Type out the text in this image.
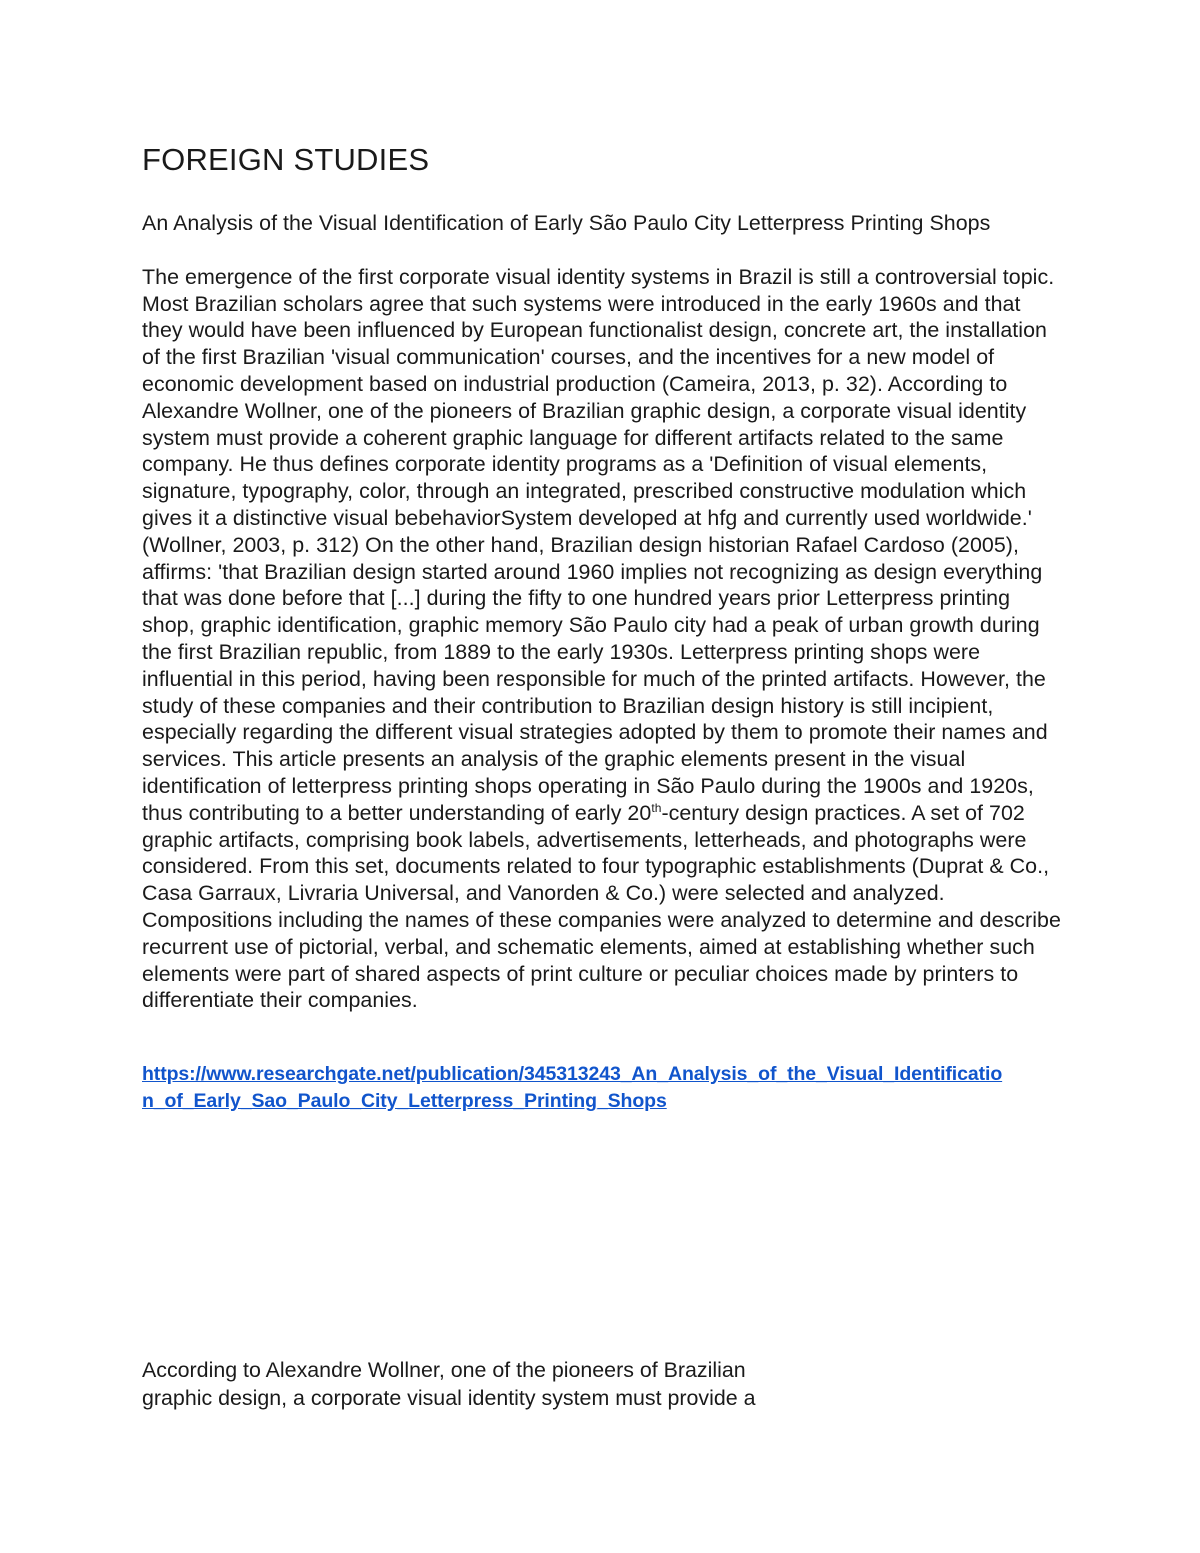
FOREIGN STUDIES

An Analysis of the Visual Identification of Early São Paulo City Letterpress Printing Shops

The emergence of the first corporate visual identity systems in Brazil is still a controversial topic. Most Brazilian scholars agree that such systems were introduced in the early 1960s and that they would have been influenced by European functionalist design, concrete art, the installation of the first Brazilian 'visual communication' courses, and the incentives for a new model of economic development based on industrial production (Cameira, 2013, p. 32). According to Alexandre Wollner, one of the pioneers of Brazilian graphic design, a corporate visual identity system must provide a coherent graphic language for different artifacts related to the same company. He thus defines corporate identity programs as a 'Definition of visual elements, signature, typography, color, through an integrated, prescribed constructive modulation which gives it a distinctive visual bebehaviorSystem developed at hfg and currently used worldwide.' (Wollner, 2003, p. 312) On the other hand, Brazilian design historian Rafael Cardoso (2005), affirms: 'that Brazilian design started around 1960 implies not recognizing as design everything that was done before that [...] during the fifty to one hundred years prior Letterpress printing shop, graphic identification, graphic memory São Paulo city had a peak of urban growth during the first Brazilian republic, from 1889 to the early 1930s. Letterpress printing shops were influential in this period, having been responsible for much of the printed artifacts. However, the study of these companies and their contribution to Brazilian design history is still incipient, especially regarding the different visual strategies adopted by them to promote their names and services. This article presents an analysis of the graphic elements present in the visual identification of letterpress printing shops operating in São Paulo during the 1900s and 1920s, thus contributing to a better understanding of early 20th-century design practices. A set of 702 graphic artifacts, comprising book labels, advertisements, letterheads, and photographs were considered. From this set, documents related to four typographic establishments (Duprat & Co., Casa Garraux, Livraria Universal, and Vanorden & Co.) were selected and analyzed. Compositions including the names of these companies were analyzed to determine and describe recurrent use of pictorial, verbal, and schematic elements, aimed at establishing whether such elements were part of shared aspects of print culture or peculiar choices made by printers to differentiate their companies.

https://www.researchgate.net/publication/345313243_An_Analysis_of_the_Visual_Identificatio
n_of_Early_Sao_Paulo_City_Letterpress_Printing_Shops

According to Alexandre Wollner, one of the pioneers of Brazilian
graphic design, a corporate visual identity system must provide a
